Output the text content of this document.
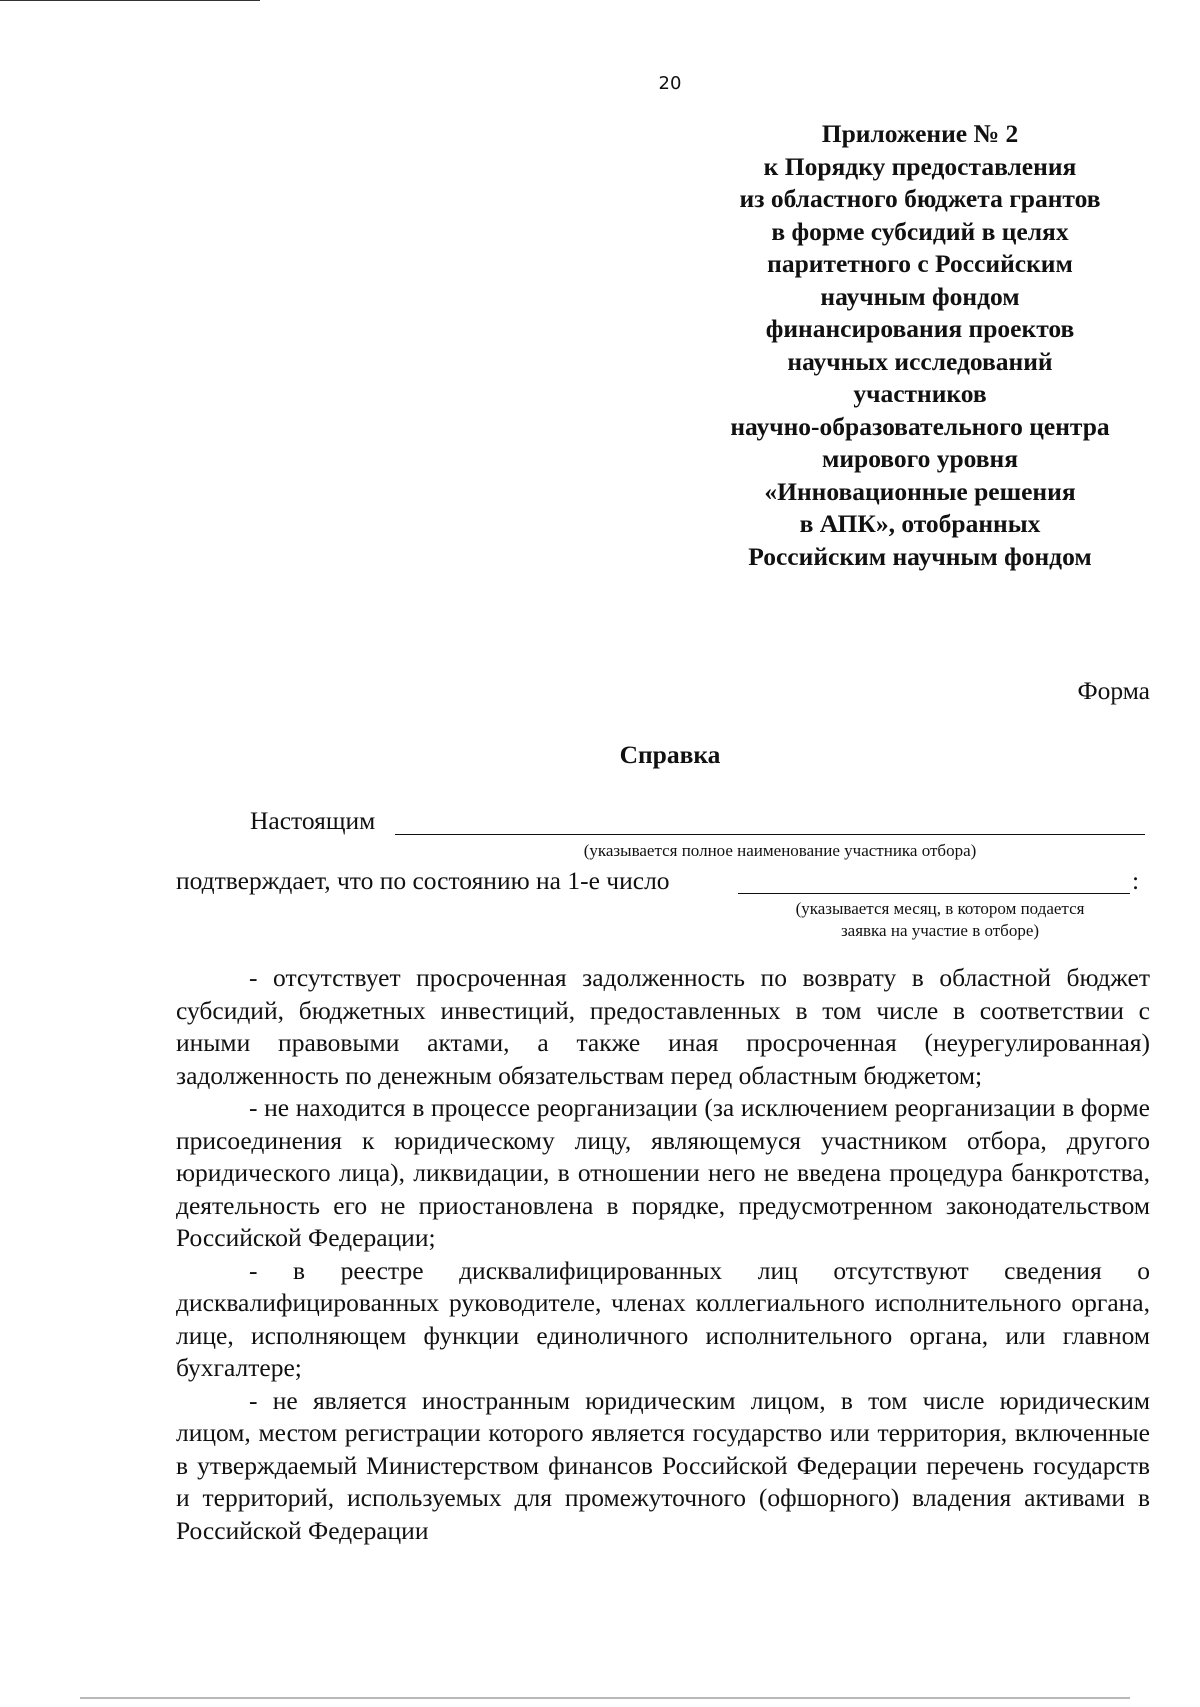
20
Приложение № 2
к Порядку предоставления
из областного бюджета грантов
в форме субсидий в целях
паритетного с Российским
научным фондом
финансирования проектов
научных исследований
участников
научно-образовательного центра
мирового уровня
«Инновационные решения
в АПК», отобранных
Российским научным фондом
Форма
Справка
Настоящим
(указывается полное наименование участника отбора)
подтверждает, что по состоянию на 1-е число	:
(указывается месяц, в котором подается
заявка на участие в отборе)

- отсутствует просроченная задолженность по возврату в областной бюджет субсидий, бюджетных инвестиций, предоставленных в том числе в соответствии с иными правовыми актами, а также иная просроченная (неурегулированная) задолженность по денежным обязательствам перед областным бюджетом;

- не находится в процессе реорганизации (за исключением реорганизации в форме присоединения к юридическому лицу, являющемуся участником отбора, другого юридического лица), ликвидации, в отношении него не введена процедура банкротства, деятельность его не приостановлена в порядке, предусмотренном законодательством Российской Федерации;

- в реестре дисквалифицированных лиц отсутствуют сведения о дисквалифицированных руководителе, членах коллегиального исполнительного органа, лице, исполняющем функции единоличного исполнительного органа, или главном бухгалтере;

- не является иностранным юридическим лицом, в том числе юридическим лицом, местом регистрации которого является государство или территория, включенные в утверждаемый Министерством финансов Российской Федерации перечень государств и территорий, используемых для промежуточного (офшорного) владения активами в Российской Федерации
